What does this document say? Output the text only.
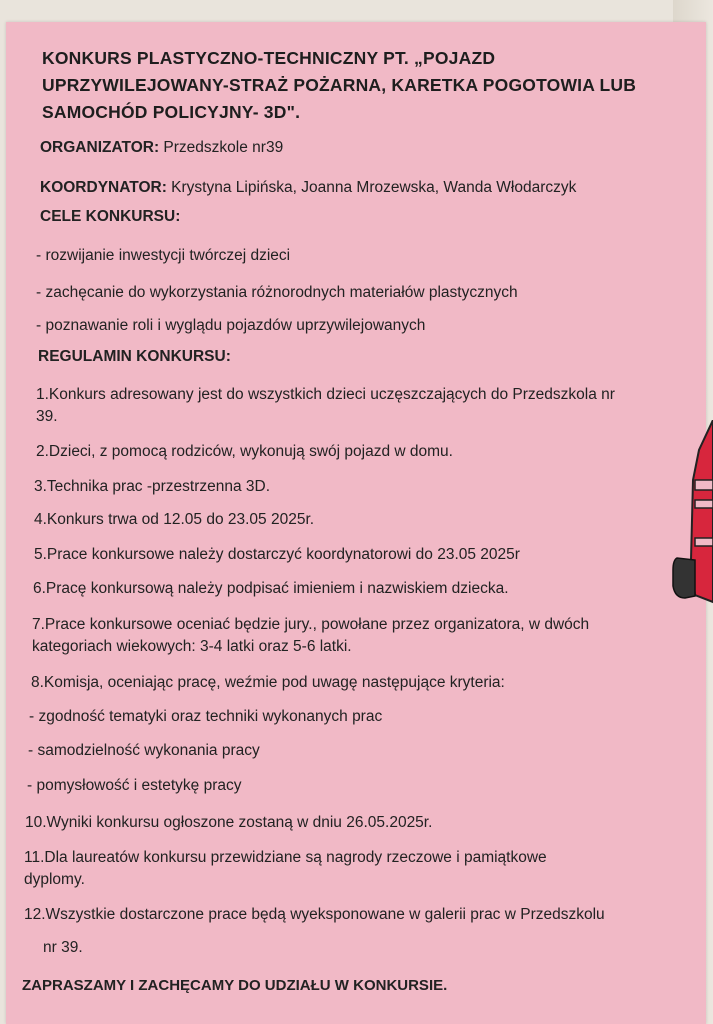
KONKURS PLASTYCZNO-TECHNICZNY PT. „POJAZD UPRZYWILEJOWANY-STRAŻ POŻARNA, KARETKA POGOTOWIA LUB SAMOCHÓD POLICYJNY- 3D".
ORGANIZATOR: Przedszkole nr39
KOORDYNATOR: Krystyna Lipińska, Joanna Mrozewska, Wanda Włodarczyk
CELE KONKURSU:
- rozwijanie inwestycji twórczej dzieci
- zachęcanie do wykorzystania różnorodnych materiałów plastycznych
- poznawanie roli i wyglądu pojazdów uprzywilejowanych
REGULAMIN KONKURSU:
1.Konkurs adresowany jest do wszystkich dzieci uczęszczających do Przedszkola nr
39.
2.Dzieci, z pomocą rodziców, wykonują swój pojazd w domu.
3.Technika prac -przestrzenna 3D.
4.Konkurs trwa od 12.05 do 23.05 2025r.
5.Prace konkursowe należy dostarczyć koordynatorowi do 23.05 2025r
6.Pracę konkursową należy podpisać imieniem i nazwiskiem dziecka.
7.Prace konkursowe oceniać będzie jury., powołane przez organizatora, w dwóch
kategoriach wiekowych: 3-4 latki oraz 5-6 latki.
8.Komisja, oceniając pracę, weźmie pod uwagę następujące kryteria:
- zgodność tematyki oraz techniki wykonanych prac
- samodzielność wykonania pracy
- pomysłowość i estetykę pracy
10.Wyniki konkursu ogłoszone zostaną w dniu 26.05.2025r.
11.Dla laureatów konkursu przewidziane są nagrody rzeczowe i pamiątkowe
dyplomy.
12.Wszystkie dostarczone prace będą wyeksponowane w galerii prac w Przedszkolu
nr 39.
ZAPRASZAMY I ZACHĘCAMY DO UDZIAŁU W KONKURSIE.
